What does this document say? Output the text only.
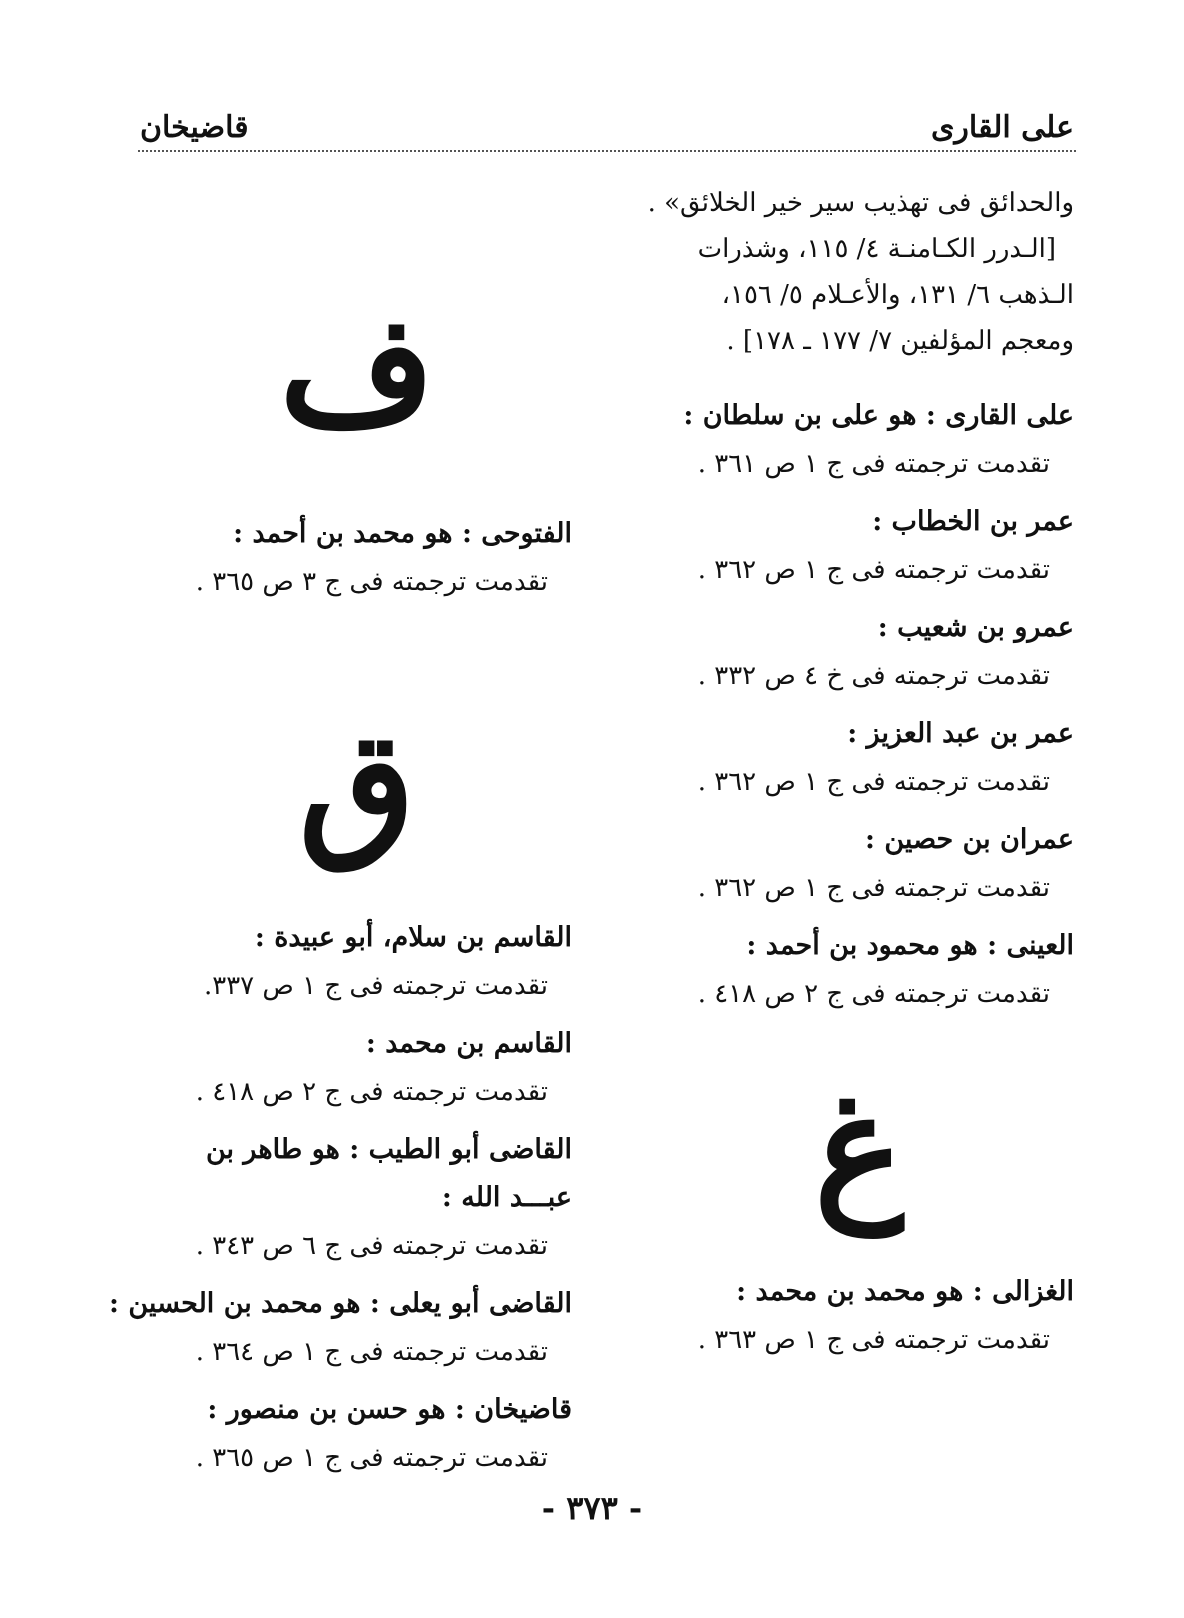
على القارى
قاضيخان
والحدائق فى تهذيب سير خير الخلائق» .
[الـدرر الكـامنـة ٤/ ١١٥، وشذرات
الـذهب ٦/ ١٣١، والأعـلام ٥/ ١٥٦،
ومعجم المؤلفين ٧/ ١٧٧ ـ ١٧٨] .
على القارى : هو على بن سلطان :
تقدمت ترجمته فى ج ١ ص ٣٦١ .
عمر بن الخطاب :
تقدمت ترجمته فى ج ١ ص ٣٦٢ .
عمرو بن شعيب :
تقدمت ترجمته فى خ ٤ ص ٣٣٢ .
عمر بن عبد العزيز :
تقدمت ترجمته فى ج ١ ص ٣٦٢ .
عمران بن حصين :
تقدمت ترجمته فى ج ١ ص ٣٦٢ .
العينى : هو محمود بن أحمد :
تقدمت ترجمته فى ج ٢ ص ٤١٨ .
غ
الغزالى : هو محمد بن محمد :
تقدمت ترجمته فى ج ١ ص ٣٦٣ .
ف
الفتوحى : هو محمد بن أحمد :
تقدمت ترجمته فى ج ٣ ص ٣٦٥ .
ق
القاسم بن سلام، أبو عبيدة :
تقدمت ترجمته فى ج ١ ص ٣٣٧.
القاسم بن محمد :
تقدمت ترجمته فى ج ٢ ص ٤١٨ .
القاضى أبو الطيب : هو طاهر بن
عبـــد الله :
تقدمت ترجمته فى ج ٦ ص ٣٤٣ .
القاضى أبو يعلى : هو محمد بن الحسين :
تقدمت ترجمته فى ج ١ ص ٣٦٤ .
قاضيخان : هو حسن بن منصور :
تقدمت ترجمته فى ج ١ ص ٣٦٥ .
- ٣٧٣ -
